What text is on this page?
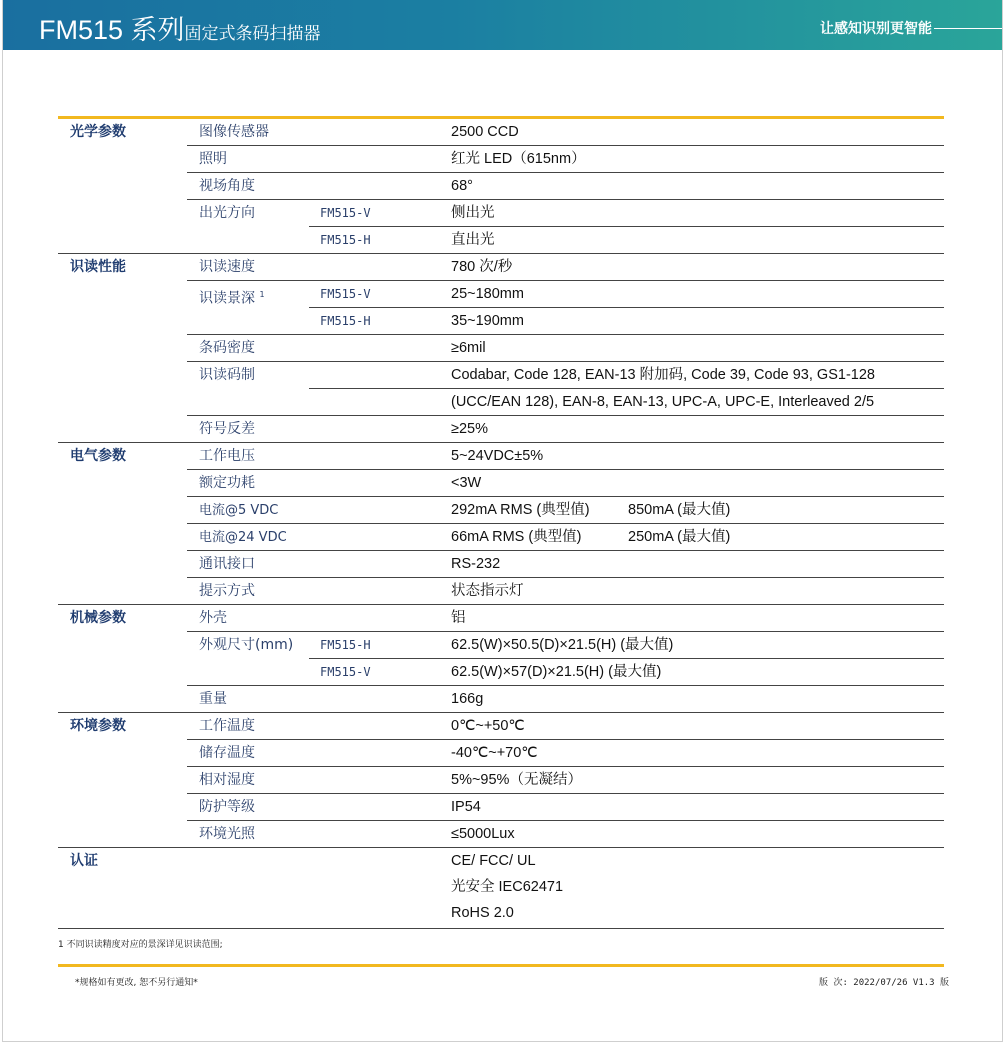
FM515 系列固定式条码扫描器	让感知识别更智能
光学参数	图像传感器	2500 CCD
照明	红光 LED（615nm）
视场角度	68°
出光方向	FM515-V	侧出光
FM515-H	直出光
识读性能	识读速度	780 次/秒
识读景深 $^1$	FM515-V	25~180mm
FM515-H	35~190mm
条码密度	≥6mil
识读码制	Codabar, Code 128, EAN-13 附加码, Code 39, Code 93, GS1-128
(UCC/EAN 128), EAN-8, EAN-13, UPC-A, UPC-E, Interleaved 2/5
符号反差	≥25%
电气参数	工作电压	5~24VDC±5%
额定功耗	<3W
电流@5 VDC	292mA RMS (典型值)	850mA (最大值)
电流@24 VDC	66mA RMS (典型值)	250mA (最大值)
通讯接口	RS-232
提示方式	状态指示灯
机械参数	外壳	铝
外观尺寸(mm)	FM515-H	62.5(W)×50.5(D)×21.5(H) (最大值)
FM515-V	62.5(W)×57(D)×21.5(H) (最大值)
重量	166g
环境参数	工作温度	0℃~+50℃
储存温度	-40℃~+70℃
相对湿度	5%~95%（无凝结）
防护等级	IP54
环境光照	≤5000Lux
认证	CE/ FCC/ UL
光安全 IEC62471
RoHS 2.0
1 不同识读精度对应的景深详见识读范围;
*规格如有更改, 恕不另行通知*	版 次: 2022/07/26 V1.3 版
